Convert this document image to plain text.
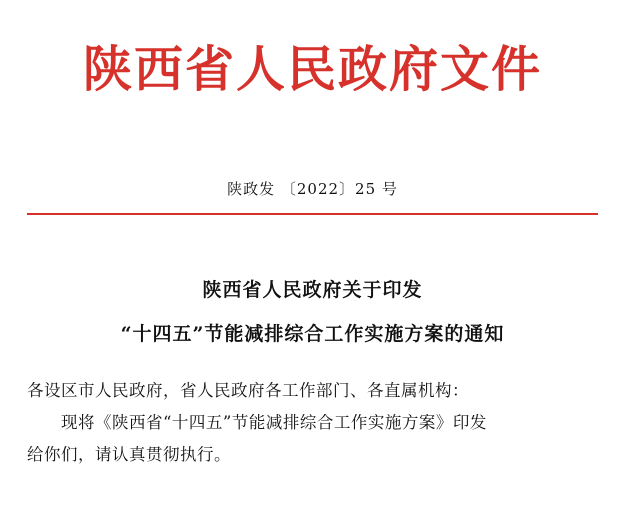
陕西省人民政府文件
陕政发 〔2022〕25 号
陕西省人民政府关于印发
“十四五”节能减排综合工作实施方案的通知

各设区市人民政府，省人民政府各工作部门、各直属机构：

现将《陕西省“十四五”节能减排综合工作实施方案》印发

给你们，请认真贯彻执行。
